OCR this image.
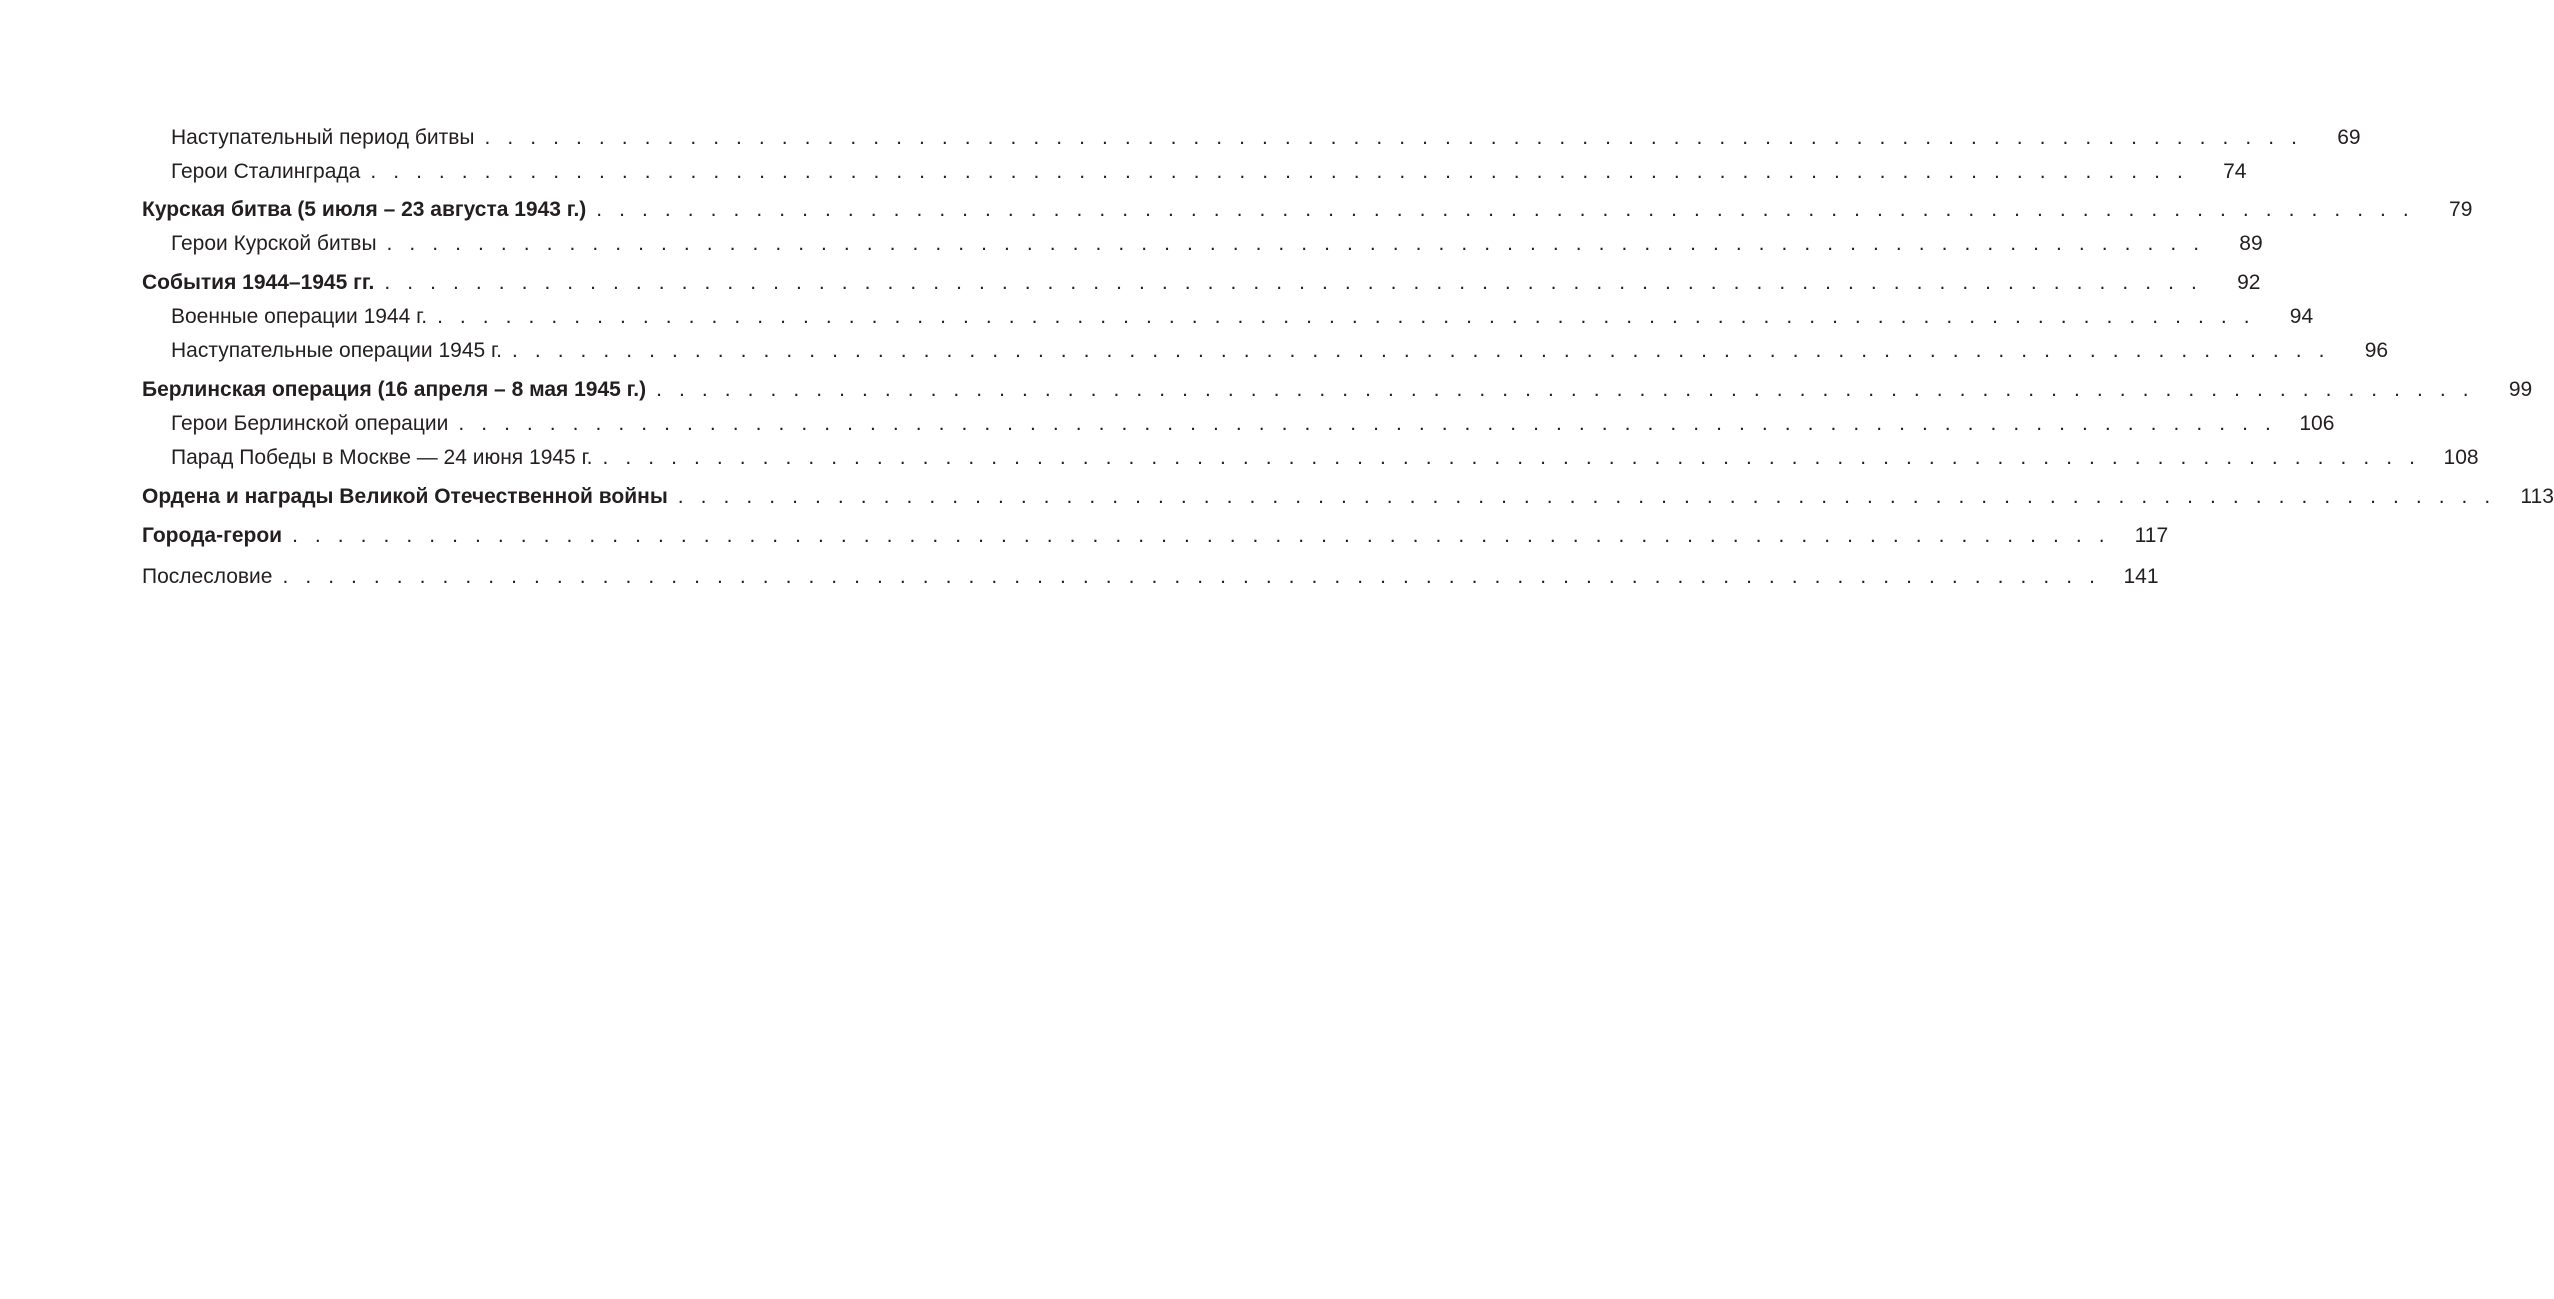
Наступательный период битвы . . . . . . . . . . . . . . . . . . . . . . . . . . . . . . . . . . . . . . . . . . . . . . . . . . . . . . . . . . . . . . . . . . . . . . . . . . . . . . . .	69
Герои Сталинграда . . . . . . . . . . . . . . . . . . . . . . . . . . . . . . . . . . . . . . . . . . . . . . . . . . . . . . . . . . . . . . . . . . . . . . . . . . . . . . . .	74
Курская битва (5 июля – 23 августа 1943 г.) . . . . . . . . . . . . . . . . . . . . . . . . . . . . . . . . . . . . . . . . . . . . . . . . . . . . . . . . . . . . . . . . . . . . . . . . . . . . . . . .	79
Герои Курской битвы . . . . . . . . . . . . . . . . . . . . . . . . . . . . . . . . . . . . . . . . . . . . . . . . . . . . . . . . . . . . . . . . . . . . . . . . . . . . . . . .	89
События 1944–1945 гг. . . . . . . . . . . . . . . . . . . . . . . . . . . . . . . . . . . . . . . . . . . . . . . . . . . . . . . . . . . . . . . . . . . . . . . . . . . . . . . . .	92
Военные операции 1944 г. . . . . . . . . . . . . . . . . . . . . . . . . . . . . . . . . . . . . . . . . . . . . . . . . . . . . . . . . . . . . . . . . . . . . . . . . . . . . . . . .	94
Наступательные операции 1945 г. . . . . . . . . . . . . . . . . . . . . . . . . . . . . . . . . . . . . . . . . . . . . . . . . . . . . . . . . . . . . . . . . . . . . . . . . . . . . . . . .	96
Берлинская операция (16 апреля – 8 мая 1945 г.) . . . . . . . . . . . . . . . . . . . . . . . . . . . . . . . . . . . . . . . . . . . . . . . . . . . . . . . . . . . . . . . . . . . . . . . . . . . . . . . .	99
Герои Берлинской операции . . . . . . . . . . . . . . . . . . . . . . . . . . . . . . . . . . . . . . . . . . . . . . . . . . . . . . . . . . . . . . . . . . . . . . . . . . . . . . . .	106
Парад Победы в Москве — 24 июня 1945 г. . . . . . . . . . . . . . . . . . . . . . . . . . . . . . . . . . . . . . . . . . . . . . . . . . . . . . . . . . . . . . . . . . . . . . . . . . . . . . . . .	108
Ордена и награды Великой Отечественной войны . . . . . . . . . . . . . . . . . . . . . . . . . . . . . . . . . . . . . . . . . . . . . . . . . . . . . . . . . . . . . . . . . . . . . . . . . . . . . . . .	113
Города-герои . . . . . . . . . . . . . . . . . . . . . . . . . . . . . . . . . . . . . . . . . . . . . . . . . . . . . . . . . . . . . . . . . . . . . . . . . . . . . . . .	117
Послесловие . . . . . . . . . . . . . . . . . . . . . . . . . . . . . . . . . . . . . . . . . . . . . . . . . . . . . . . . . . . . . . . . . . . . . . . . . . . . . . . .	141
